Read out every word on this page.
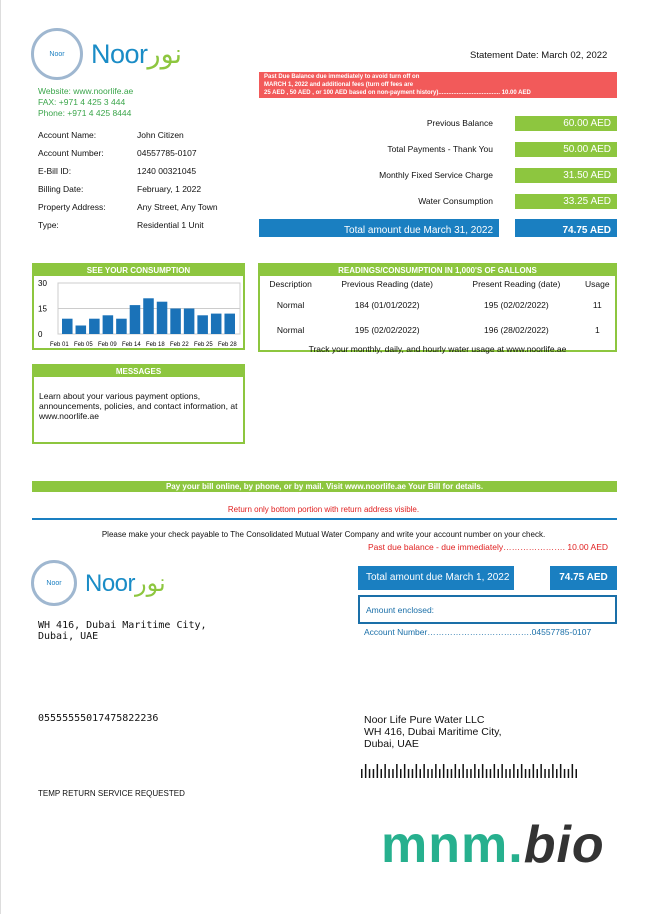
Noor Noorنور	Statement Date: March 02, 2022
Website: www.noorlife.ae
FAX: +971 4 425 3 444
Phone: +971 4 425 8444
Past Due Balance due immediately to avoid turn off on
MARCH 1, 2022 and additional fees (turn off fees are
25 AED , 50 AED , or 100 AED based on non-payment history)..................................... 10.00 AED
Account Name:	John Citizen
Account Number:	04557785-0107
E-Bill ID:	1240 00321045
Billing Date:	February, 1 2022
Property Address:	Any Street, Any Town
Type:	Residential 1 Unit
Previous Balance	60.00 AED
Total Payments - Thank You	50.00 AED
Monthly Fixed Service Charge	31.50 AED
Water Consumption	33.25 AED
Total amount due March 31, 2022	74.75 AED
SEE YOUR CONSUMPTION
30
15
0
Feb 01 Feb 05 Feb 09 Feb 14 Feb 18 Feb 22 Feb 25 Feb 28
MESSAGES
Learn about your various payment options, announcements, policies, and contact information, at www.noorlife.ae
READINGS/CONSUMPTION IN 1,000'S OF GALLONS
Description	Previous Reading (date)	Present Reading (date)	Usage
Normal	184 (01/01/2022)	195 (02/02/2022)	11
Normal	195 (02/02/2022)	196 (28/02/2022)	1
Track your monthly, daily, and hourly water usage at www.noorlife.ae
Pay your bill online, by phone, or by mail. Visit www.noorlife.ae Your Bill for details.
Return only bottom portion with return address visible.
Please make your check payable to The Consolidated Mutual Water Company and write your account number on your check.
Past due balance - due immediately…………………. 10.00 AED
Noor Noorنور
WH 416, Dubai Maritime City,
Dubai, UAE
Total amount due March 1, 2022	74.75 AED
Amount enclosed:
Account Number……………………………….04557785-0107
05555555017475822236	Noor Life Pure Water LLC
WH 416, Dubai Maritime City,
Dubai, UAE
TEMP RETURN SERVICE REQUESTED
mnm.bio
